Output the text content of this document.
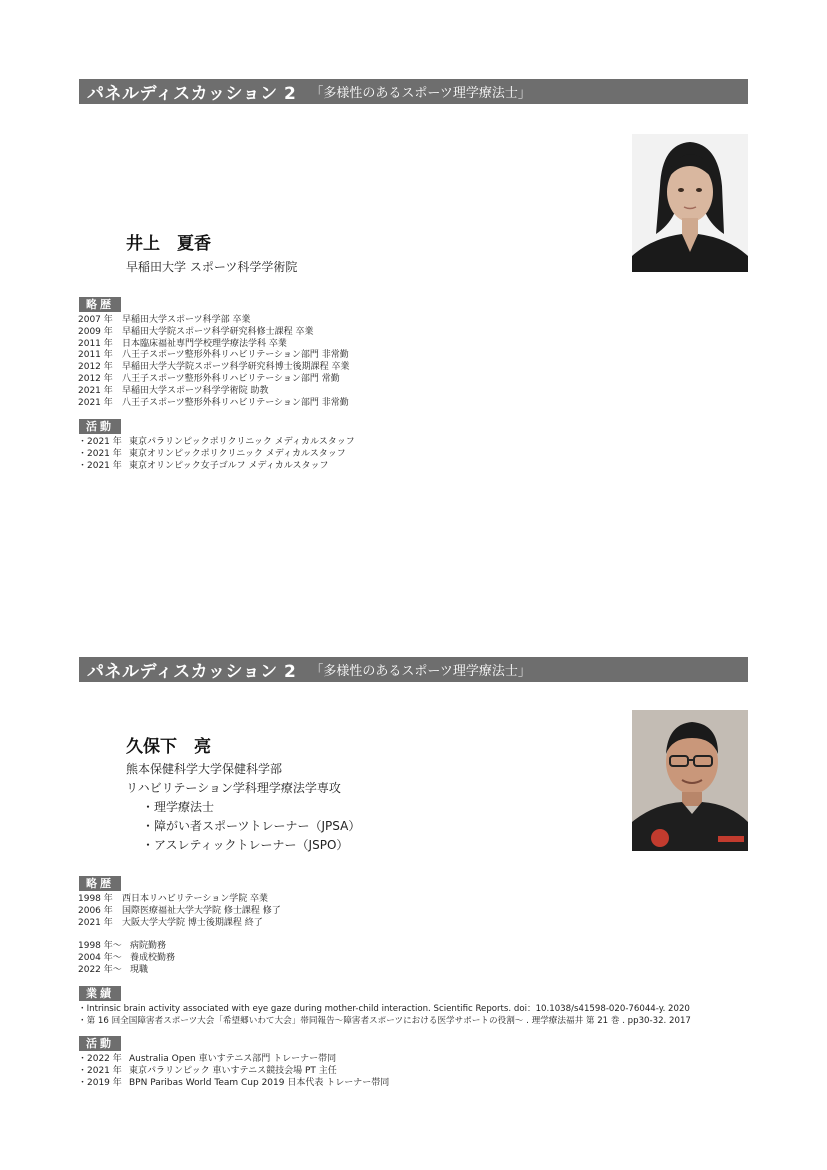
パネルディスカッション 2 「多様性のあるスポーツ理学療法士」
井上　夏香
早稲田大学 スポーツ科学学術院
略歴
2007 年	早稲田大学スポーツ科学部 卒業
2009 年	早稲田大学院スポーツ科学研究科修士課程 卒業
2011 年	日本臨床福祉専門学校理学療法学科 卒業
2011 年	八王子スポーツ整形外科リハビリテーション部門 非常勤
2012 年	早稲田大学大学院スポーツ科学研究科博士後期課程 卒業
2012 年	八王子スポーツ整形外科リハビリテーション部門 常勤
2021 年	早稲田大学スポーツ科学学術院 助教
2021 年	八王子スポーツ整形外科リハビリテーション部門 非常勤
活動
・2021 年 東京パラリンピックポリクリニック メディカルスタッフ
・2021 年 東京オリンピックポリクリニック メディカルスタッフ
・2021 年 東京オリンピック女子ゴルフ メディカルスタッフ
パネルディスカッション 2 「多様性のあるスポーツ理学療法士」
久保下　亮
熊本保健科学大学保健科学部
リハビリテーション学科理学療法学専攻
・理学療法士
・障がい者スポーツトレーナー（JPSA）
・アスレティックトレーナー（JSPO）
略歴
1998 年	西日本リハビリテーション学院 卒業
2006 年	国際医療福祉大学大学院 修士課程 修了
2021 年	大阪大学大学院 博士後期課程 終了
1998 年～ 病院勤務
2004 年～ 養成校勤務
2022 年～ 現職
業績
・Intrinsic brain activity associated with eye gaze during mother-child interaction. Scientific Reports. doi：10.1038/s41598-020-76044-y. 2020
・第 16 回全国障害者スポーツ大会「希望郷いわて大会」帯同報告～障害者スポーツにおける医学サポートの役割～ . 理学療法福井 第 21 巻 . pp30-32. 2017
活動
・2022 年 Australia Open 車いすテニス部門 トレーナー帯同
・2021 年 東京パラリンピック 車いすテニス競技会場 PT 主任
・2019 年 BPN Paribas World Team Cup 2019 日本代表 トレーナー帯同
